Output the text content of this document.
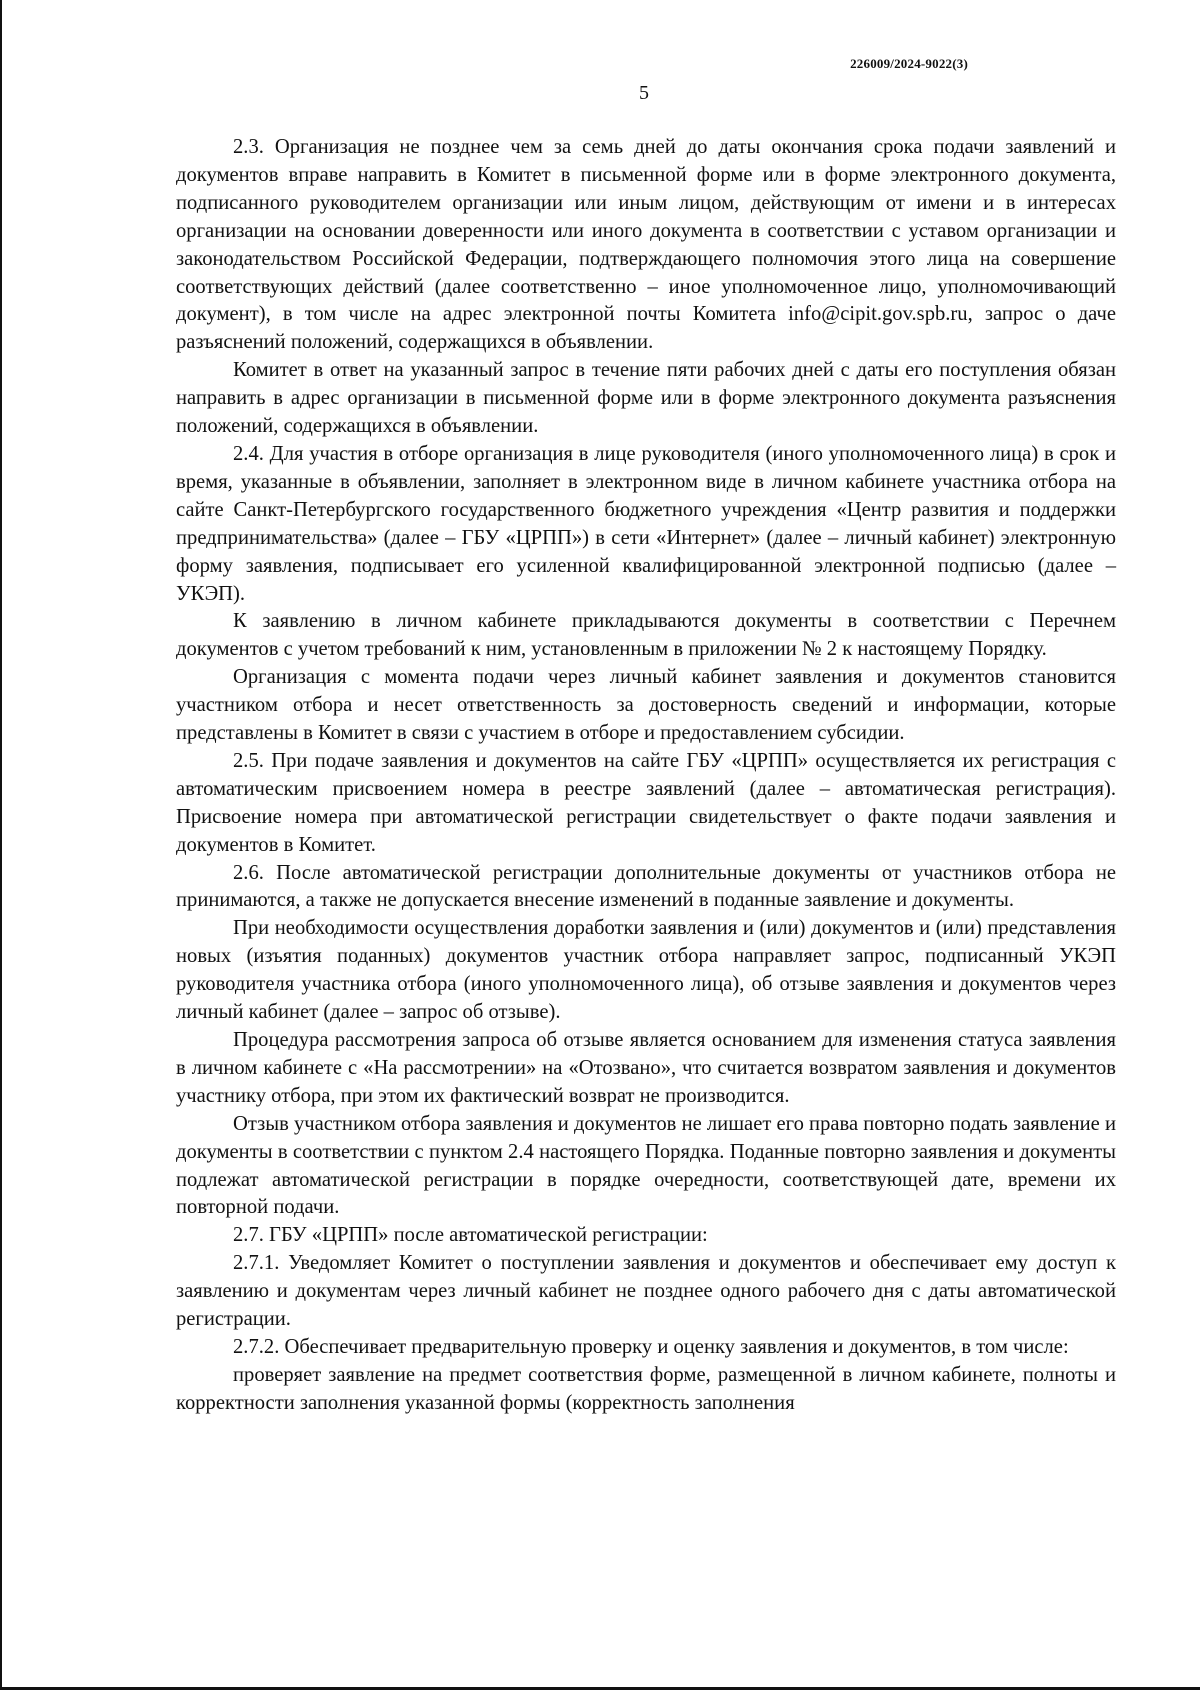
226009/2024-9022(3)
5

2.3. Организация не позднее чем за семь дней до даты окончания срока подачи заявлений и документов вправе направить в Комитет в письменной форме или в форме электронного документа, подписанного руководителем организации или иным лицом, действующим от имени и в интересах организации на основании доверенности или иного документа в соответствии с уставом организации и законодательством Российской Федерации, подтверждающего полномочия этого лица на совершение соответствующих действий (далее соответственно – иное уполномоченное лицо, уполномочивающий документ), в том числе на адрес электронной почты Комитета info@cipit.gov.spb.ru, запрос о даче разъяснений положений, содержащихся в объявлении.

Комитет в ответ на указанный запрос в течение пяти рабочих дней с даты его поступления обязан направить в адрес организации в письменной форме или в форме электронного документа разъяснения положений, содержащихся в объявлении.

2.4. Для участия в отборе организация в лице руководителя (иного уполномоченного лица) в срок и время, указанные в объявлении, заполняет в электронном виде в личном кабинете участника отбора на сайте Санкт-Петербургского государственного бюджетного учреждения «Центр развития и поддержки предпринимательства» (далее – ГБУ «ЦРПП») в сети «Интернет» (далее – личный кабинет) электронную форму заявления, подписывает его усиленной квалифицированной электронной подписью (далее – УКЭП).

К заявлению в личном кабинете прикладываются документы в соответствии с Перечнем документов с учетом требований к ним, установленным в приложении № 2 к настоящему Порядку.

Организация с момента подачи через личный кабинет заявления и документов становится участником отбора и несет ответственность за достоверность сведений и информации, которые представлены в Комитет в связи с участием в отборе и предоставлением субсидии.

2.5. При подаче заявления и документов на сайте ГБУ «ЦРПП» осуществляется их регистрация с автоматическим присвоением номера в реестре заявлений (далее – автоматическая регистрация). Присвоение номера при автоматической регистрации свидетельствует о факте подачи заявления и документов в Комитет.

2.6. После автоматической регистрации дополнительные документы от участников отбора не принимаются, а также не допускается внесение изменений в поданные заявление и документы.

При необходимости осуществления доработки заявления и (или) документов и (или) представления новых (изъятия поданных) документов участник отбора направляет запрос, подписанный УКЭП руководителя участника отбора (иного уполномоченного лица), об отзыве заявления и документов через личный кабинет (далее – запрос об отзыве).

Процедура рассмотрения запроса об отзыве является основанием для изменения статуса заявления в личном кабинете с «На рассмотрении» на «Отозвано», что считается возвратом заявления и документов участнику отбора, при этом их фактический возврат не производится.

Отзыв участником отбора заявления и документов не лишает его права повторно подать заявление и документы в соответствии с пунктом 2.4 настоящего Порядка. Поданные повторно заявления и документы подлежат автоматической регистрации в порядке очередности, соответствующей дате, времени их повторной подачи.

2.7. ГБУ «ЦРПП» после автоматической регистрации:

2.7.1. Уведомляет Комитет о поступлении заявления и документов и обеспечивает ему доступ к заявлению и документам через личный кабинет не позднее одного рабочего дня с даты автоматической регистрации.

2.7.2. Обеспечивает предварительную проверку и оценку заявления и документов, в том числе:

проверяет заявление на предмет соответствия форме, размещенной в личном кабинете, полноты и корректности заполнения указанной формы (корректность заполнения
